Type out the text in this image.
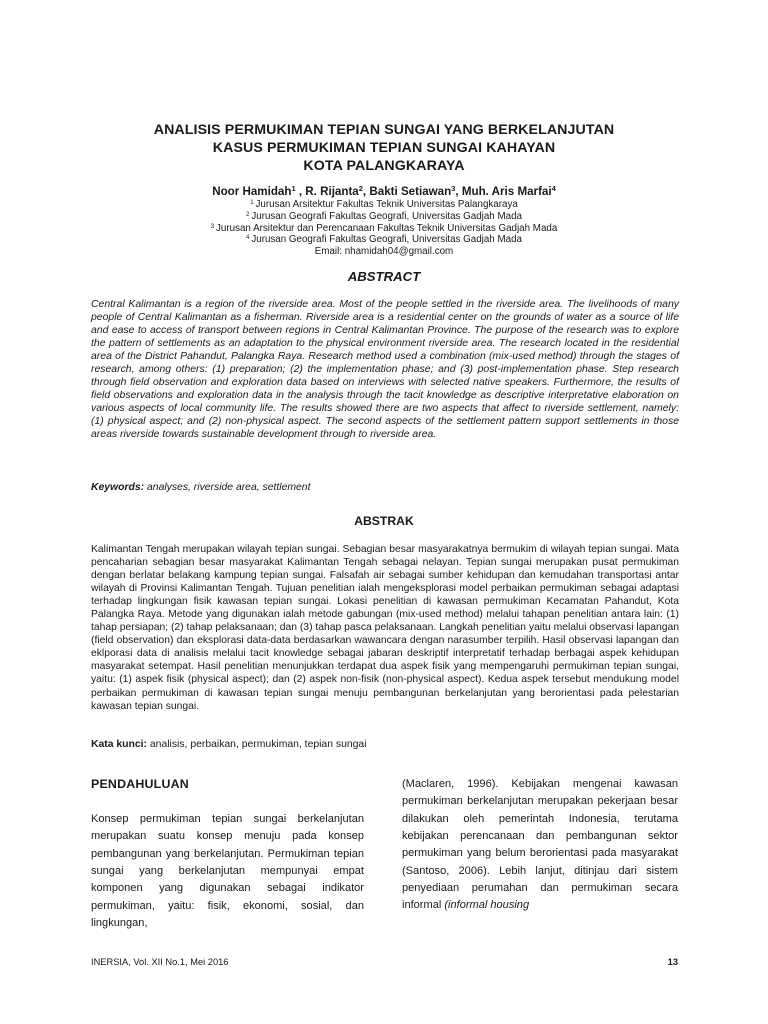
ANALISIS PERMUKIMAN TEPIAN SUNGAI YANG BERKELANJUTAN
KASUS PERMUKIMAN TEPIAN SUNGAI KAHAYAN
KOTA PALANGKARAYA
Noor Hamidah$^1$ , R. Rijanta$^2$, Bakti Setiawan$^3$, Muh. Aris Marfai$^4$
$^1$ Jurusan Arsitektur Fakultas Teknik Universitas Palangkaraya
$^2$ Jurusan Geografi Fakultas Geografi, Universitas Gadjah Mada
$^3$ Jurusan Arsitektur dan Perencanaan Fakultas Teknik Universitas Gadjah Mada
$^4$ Jurusan Geografi Fakultas Geografi, Universitas Gadjah Mada
Email: nhamidah04@gmail.com
ABSTRACT
Central Kalimantan is a region of the riverside area. Most of the people settled in the riverside area. The livelihoods of many people of Central Kalimantan as a fisherman. Riverside area is a residential center on the grounds of water as a source of life and ease to access of transport between regions in Central Kalimantan Province. The purpose of the research was to explore the pattern of settlements as an adaptation to the physical environment riverside area. The research located in the residential area of the District Pahandut, Palangka Raya. Research method used a combination (mix-used method) through the stages of research, among others: (1) preparation; (2) the implementation phase; and (3) post-implementation phase. Step research through field observation and exploration data based on interviews with selected native speakers. Furthermore, the results of field observations and exploration data in the analysis through the tacit knowledge as descriptive interpretative elaboration on various aspects of local community life. The results showed there are two aspects that affect to riverside settlement, namely: (1) physical aspect; and (2) non-physical aspect. The second aspects of the settlement pattern support settlements in those areas riverside towards sustainable development through to riverside area.
Keywords: analyses, riverside area, settlement
ABSTRAK
Kalimantan Tengah merupakan wilayah tepian sungai. Sebagian besar masyarakatnya bermukim di wilayah tepian sungai. Mata pencaharian sebagian besar masyarakat Kalimantan Tengah sebagai nelayan. Tepian sungai merupakan pusat permukiman dengan berlatar belakang kampung tepian sungai. Falsafah air sebagai sumber kehidupan dan kemudahan transportasi antar wilayah di Provinsi Kalimantan Tengah. Tujuan penelitian ialah mengeksplorasi model perbaikan permukiman sebagai adaptasi terhadap lingkungan fisik kawasan tepian sungai. Lokasi penelitian di kawasan permukiman Kecamatan Pahandut, Kota Palangka Raya. Metode yang digunakan ialah metode gabungan (mix-used method) melalui tahapan penelitian antara lain: (1) tahap persiapan; (2) tahap pelaksanaan; dan (3) tahap pasca pelaksanaan. Langkah penelitian yaitu melalui observasi lapangan (field observation) dan eksplorasi data-data berdasarkan wawancara dengan narasumber terpilih. Hasil observasi lapangan dan eklporasi data di analisis melalui tacit knowledge sebagai jabaran deskriptif interpretatif terhadap berbagai aspek kehidupan masyarakat setempat. Hasil penelitian menunjukkan terdapat dua aspek fisik yang mempengaruhi permukiman tepian sungai, yaitu: (1) aspek fisik (physical aspect); dan (2) aspek non-fisik (non-physical aspect). Kedua aspek tersebut mendukung model perbaikan permukiman di kawasan tepian sungai menuju pembangunan berkelanjutan yang berorientasi pada pelestarian kawasan tepian sungai.
Kata kunci: analisis, perbaikan, permukiman, tepian sungai
PENDAHULUAN
Konsep permukiman tepian sungai berkelanjutan merupakan suatu konsep menuju pada konsep pembangunan yang berkelanjutan. Permukiman tepian sungai yang berkelanjutan mempunyai empat komponen yang digunakan sebagai indikator permukiman, yaitu: fisik, ekonomi, sosial, dan lingkungan,
(Maclaren, 1996). Kebijakan mengenai kawasan permukiman berkelanjutan merupakan pekerjaan besar dilakukan oleh pemerintah Indonesia, terutama kebijakan perencanaan dan pembangunan sektor permukiman yang belum berorientasi pada masyarakat (Santoso, 2006). Lebih lanjut, ditinjau dari sistem penyediaan perumahan dan permukiman secara informal (informal housing
INERSIA, Vol. XII No.1, Mei 2016	13
